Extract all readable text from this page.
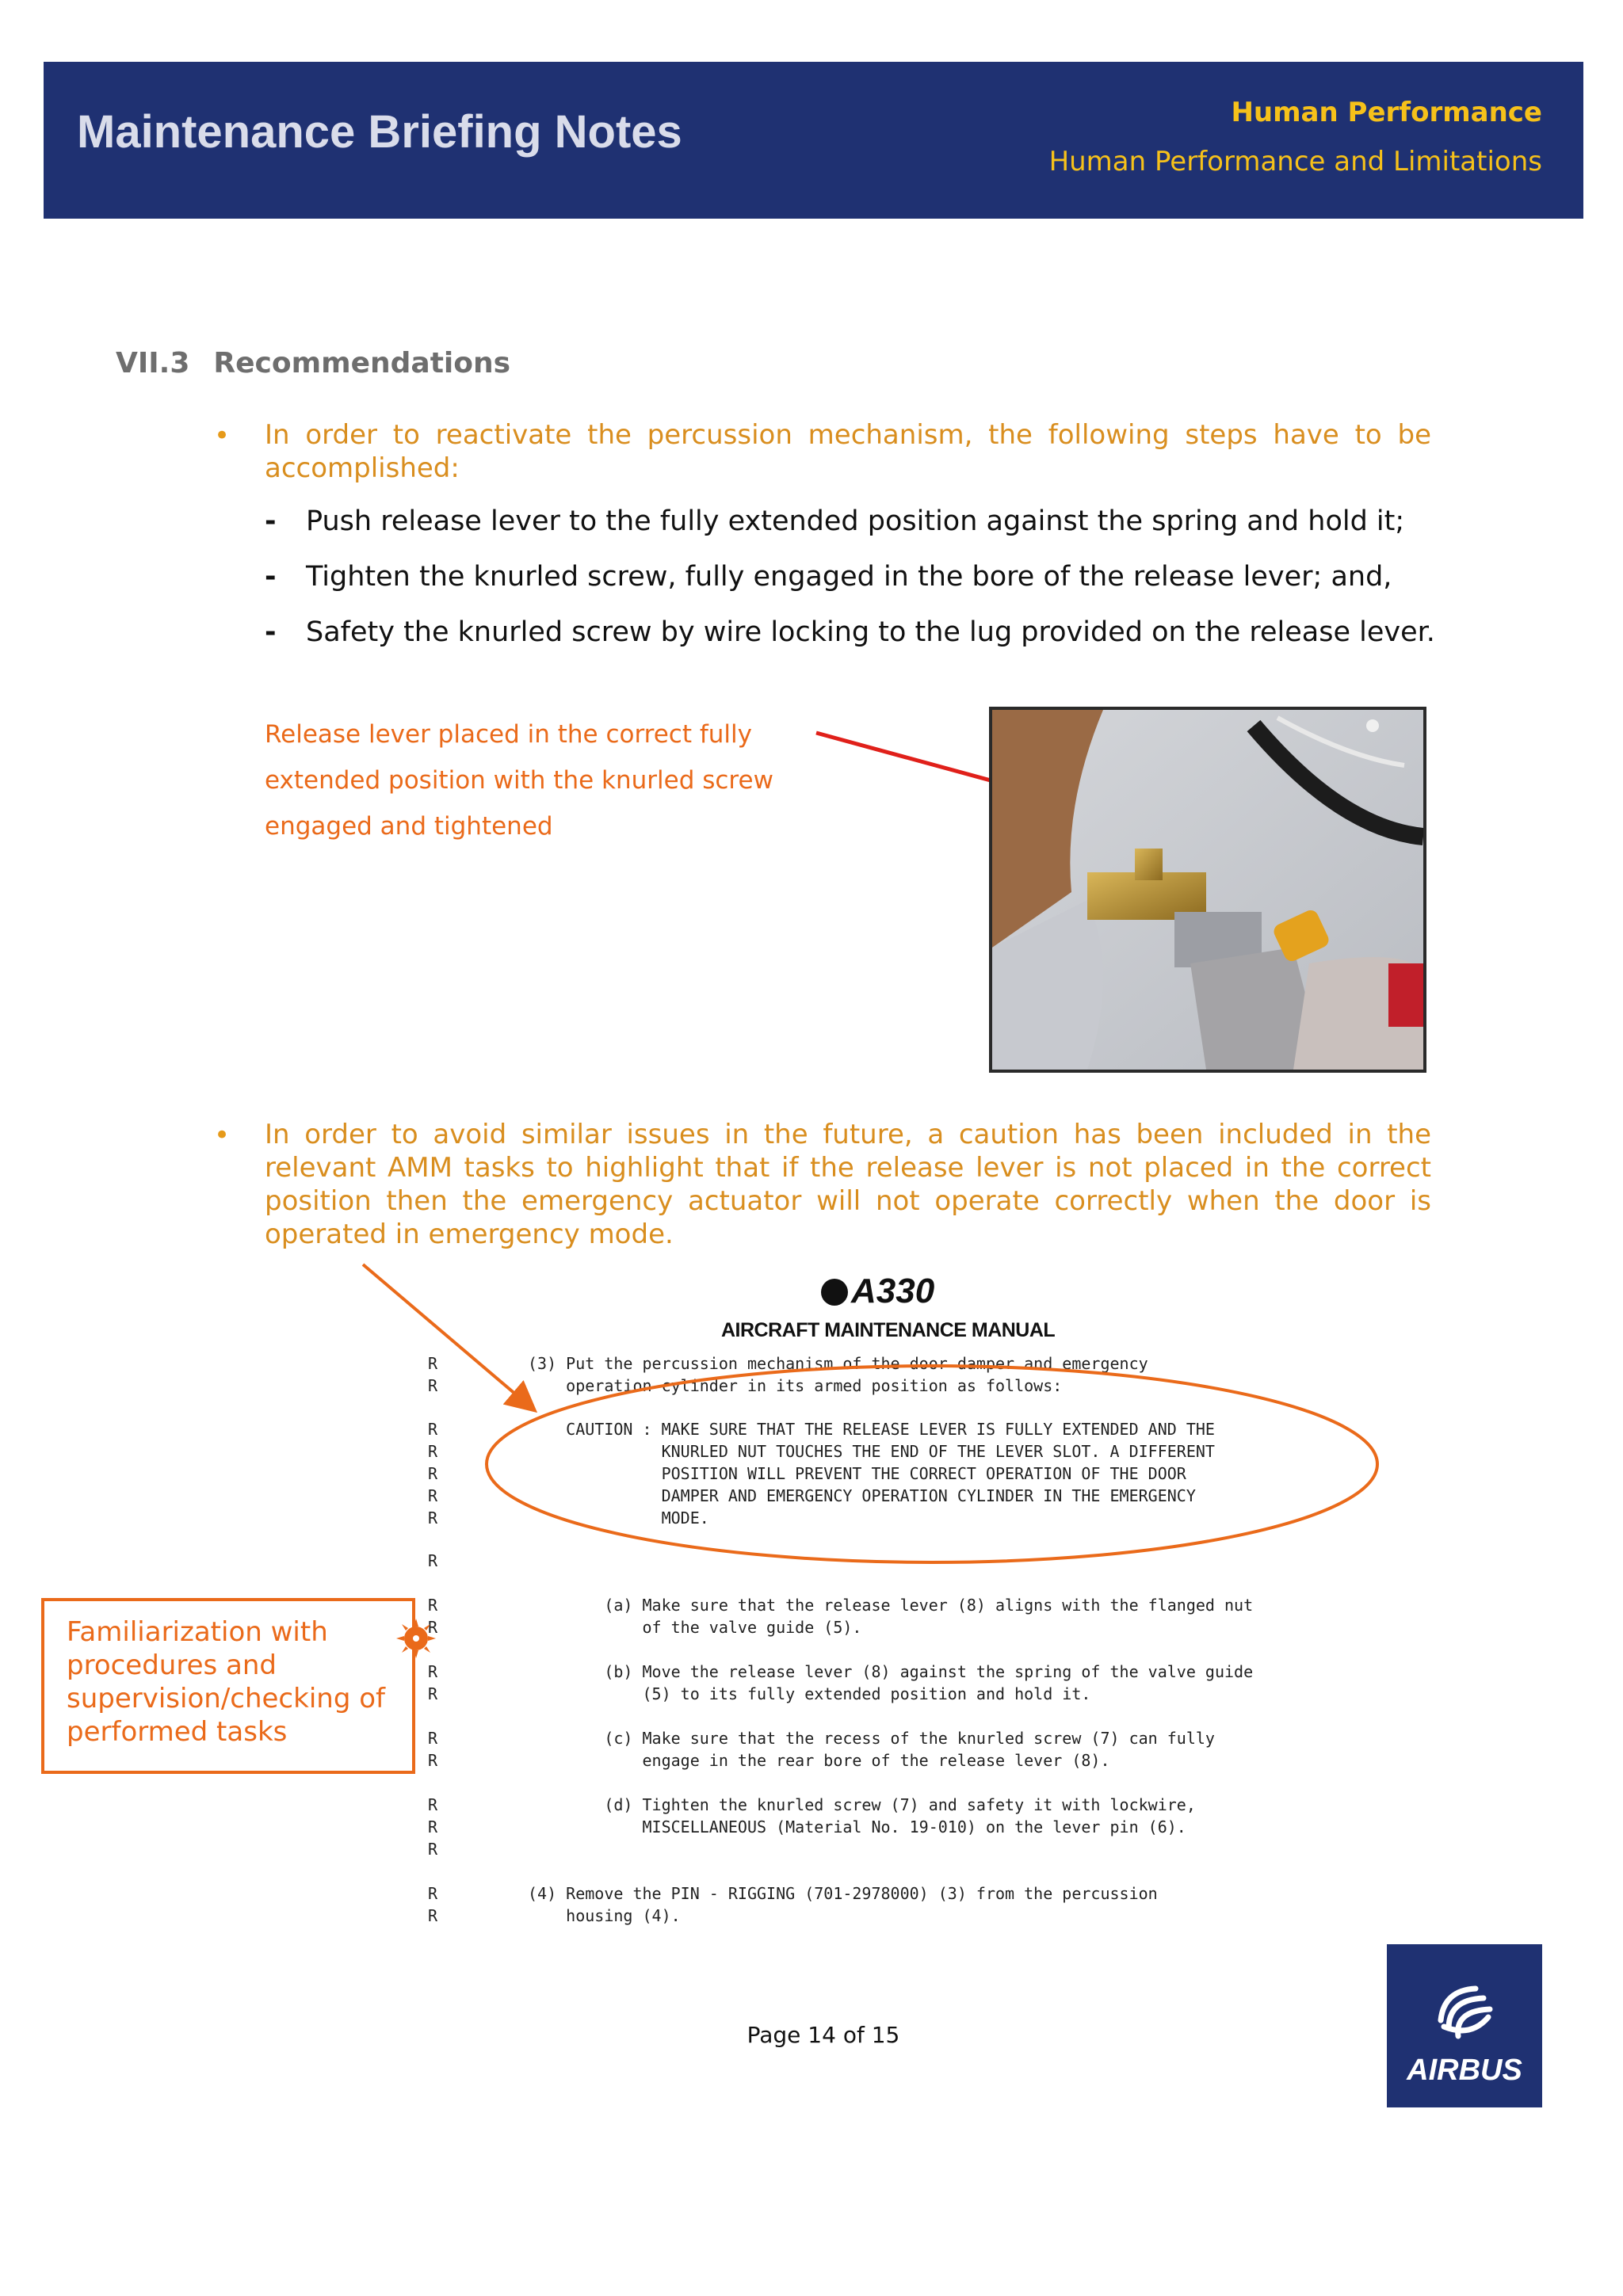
Maintenance Briefing Notes	Human Performance
Human Performance and Limitations
VII.3 Recommendations
• In order to reactivate the percussion mechanism, the following steps have to be accomplished:
- Push release lever to the fully extended position against the spring and hold it;
- Tighten the knurled screw, fully engaged in the bore of the release lever; and,
- Safety the knurled screw by wire locking to the lug provided on the release lever.
Release lever placed in the correct fully
extended position with the knurled screw
engaged and tightened
• In order to avoid similar issues in the future, a caution has been included in the relevant AMM tasks to highlight that if the release lever is not placed in the correct position then the emergency actuator will not operate correctly when the door is operated in emergency mode.
A330
AIRCRAFT MAINTENANCE MANUAL
(3) Put the percussion mechanism of the door damper and emergency
operation cylinder in its armed position as follows:
CAUTION : MAKE SURE THAT THE RELEASE LEVER IS FULLY EXTENDED AND THE
KNURLED NUT TOUCHES THE END OF THE LEVER SLOT. A DIFFERENT
POSITION WILL PREVENT THE CORRECT OPERATION OF THE DOOR
DAMPER AND EMERGENCY OPERATION CYLINDER IN THE EMERGENCY
MODE.
(a) Make sure that the release lever (8) aligns with the flanged nut
of the valve guide (5).
(b) Move the release lever (8) against the spring of the valve guide
(5) to its fully extended position and hold it.
(c) Make sure that the recess of the knurled screw (7) can fully
engage in the rear bore of the release lever (8).
(d) Tighten the knurled screw (7) and safety it with lockwire,
MISCELLANEOUS (Material No. 19-010) on the lever pin (6).
(4) Remove the PIN - RIGGING (701-2978000) (3) from the percussion
housing (4).
R
R
R
R
R
R
R
R
R
R
R
R
R
R
R
R
R
R
R
Familiarization with procedures and supervision/checking of performed tasks
Page 14 of 15
AIRBUS
